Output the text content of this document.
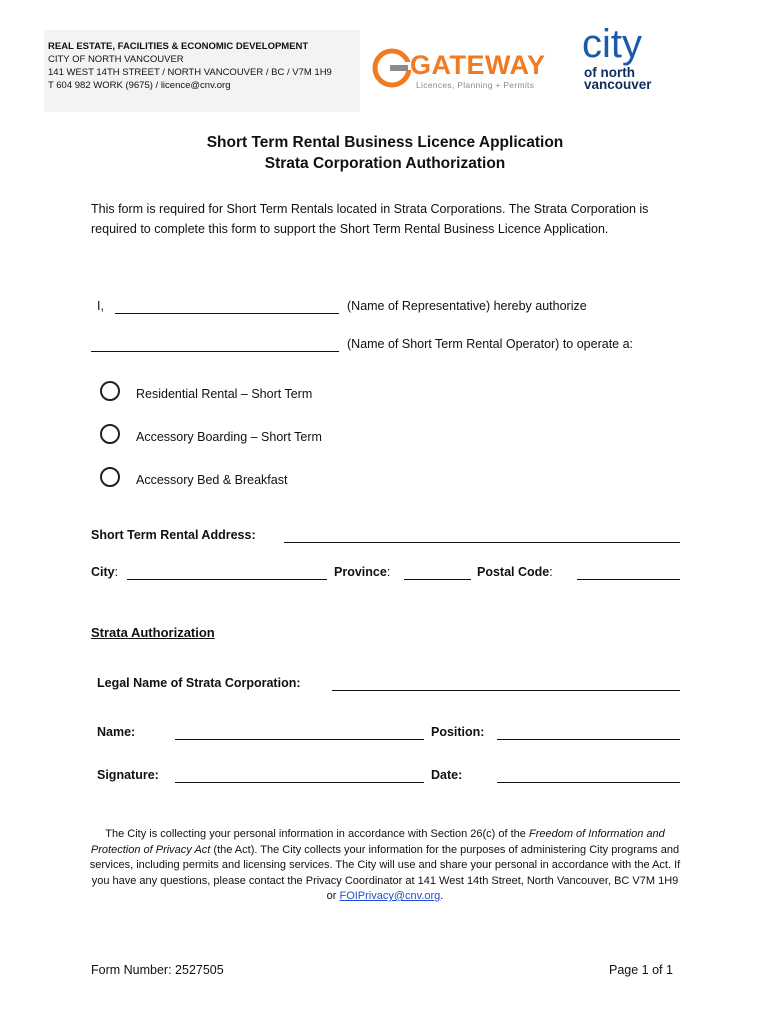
REAL ESTATE, FACILITIES & ECONOMIC DEVELOPMENT
CITY OF NORTH VANCOUVER
141 WEST 14TH STREET / NORTH VANCOUVER / BC / V7M 1H9
T 604 982 WORK (9675) / licence@cnv.org
GATEWAY
Licences, Planning + Permits
city
of north
vancouver
Short Term Rental Business Licence Application
Strata Corporation Authorization
This form is required for Short Term Rentals located in Strata Corporations. The Strata Corporation is required to complete this form to support the Short Term Rental Business Licence Application.
I,	(Name of Representative) hereby authorize
(Name of Short Term Rental Operator) to operate a:
Residential Rental – Short Term
Accessory Boarding – Short Term
Accessory Bed & Breakfast
Short Term Rental Address:
City:	Province:	Postal Code:
Strata Authorization
Legal Name of Strata Corporation:
Name:	Position:
Signature:	Date:
The City is collecting your personal information in accordance with Section 26(c) of the Freedom of Information and Protection of Privacy Act (the Act). The City collects your information for the purposes of administering City programs and services, including permits and licensing services. The City will use and share your personal in accordance with the Act. If you have any questions, please contact the Privacy Coordinator at 141 West 14th Street, North Vancouver, BC V7M 1H9 or FOIPrivacy@cnv.org.
Form Number: 2527505	Page 1 of 1
